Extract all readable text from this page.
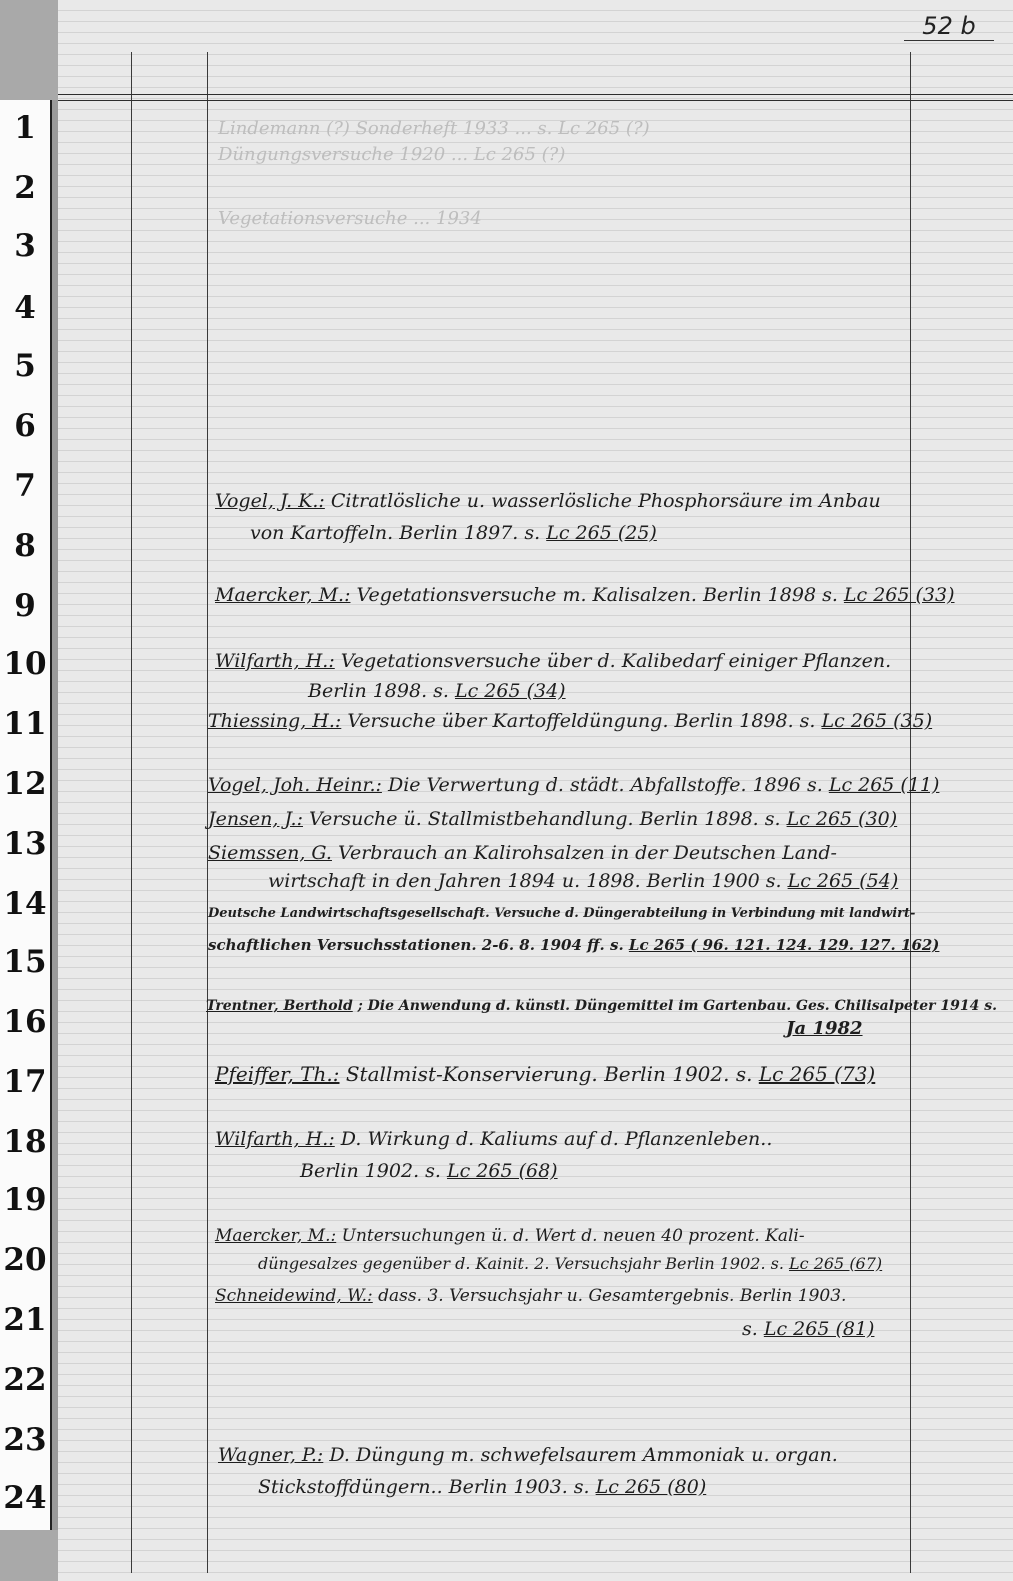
1
2
3
4
5
6
7
8
9
10
11
12
13
14
15
16
17
18
19
20
21
22
23
24
52 b
Lindemann (?) Sonderheft 1933 ... s. Lc 265 (?)
Düngungsversuche 1920 ... Lc 265 (?)
Vegetationsversuche ... 1934
Vogel, J. K.: Citratlösliche u. wasserlösliche Phosphorsäure im Anbau
von Kartoffeln. Berlin 1897. s. Lc 265 (25)
Maercker, M.: Vegetationsversuche m. Kalisalzen. Berlin 1898 s. Lc 265 (33)
Wilfarth, H.: Vegetationsversuche über d. Kalibedarf einiger Pflanzen.
Berlin 1898. s. Lc 265 (34)
Thiessing, H.: Versuche über Kartoffeldüngung. Berlin 1898. s. Lc 265 (35)
Vogel, Joh. Heinr.: Die Verwertung d. städt. Abfallstoffe. 1896 s. Lc 265 (11)
Jensen, J.: Versuche ü. Stallmistbehandlung. Berlin 1898. s. Lc 265 (30)
Siemssen, G. Verbrauch an Kalirohsalzen in der Deutschen Land-
wirtschaft in den Jahren 1894 u. 1898. Berlin 1900 s. Lc 265 (54)
Deutsche Landwirtschaftsgesellschaft. Versuche d. Düngerabteilung in Verbindung mit landwirt-
schaftlichen Versuchsstationen. 2-6. 8. 1904 ff. s. Lc 265 ( 96. 121. 124. 129. 127. 162)
Trentner, Berthold ; Die Anwendung d. künstl. Düngemittel im Gartenbau. Ges. Chilisalpeter 1914 s.
Ja 1982
Pfeiffer, Th.: Stallmist-Konservierung. Berlin 1902. s. Lc 265 (73)
Wilfarth, H.: D. Wirkung d. Kaliums auf d. Pflanzenleben..
Berlin 1902. s. Lc 265 (68)
Maercker, M.: Untersuchungen ü. d. Wert d. neuen 40 prozent. Kali-
düngesalzes gegenüber d. Kainit. 2. Versuchsjahr Berlin 1902. s. Lc 265 (67)
Schneidewind, W.: dass. 3. Versuchsjahr u. Gesamtergebnis. Berlin 1903.
s. Lc 265 (81)
Wagner, P.: D. Düngung m. schwefelsaurem Ammoniak u. organ.
Stickstoffdüngern.. Berlin 1903. s. Lc 265 (80)
